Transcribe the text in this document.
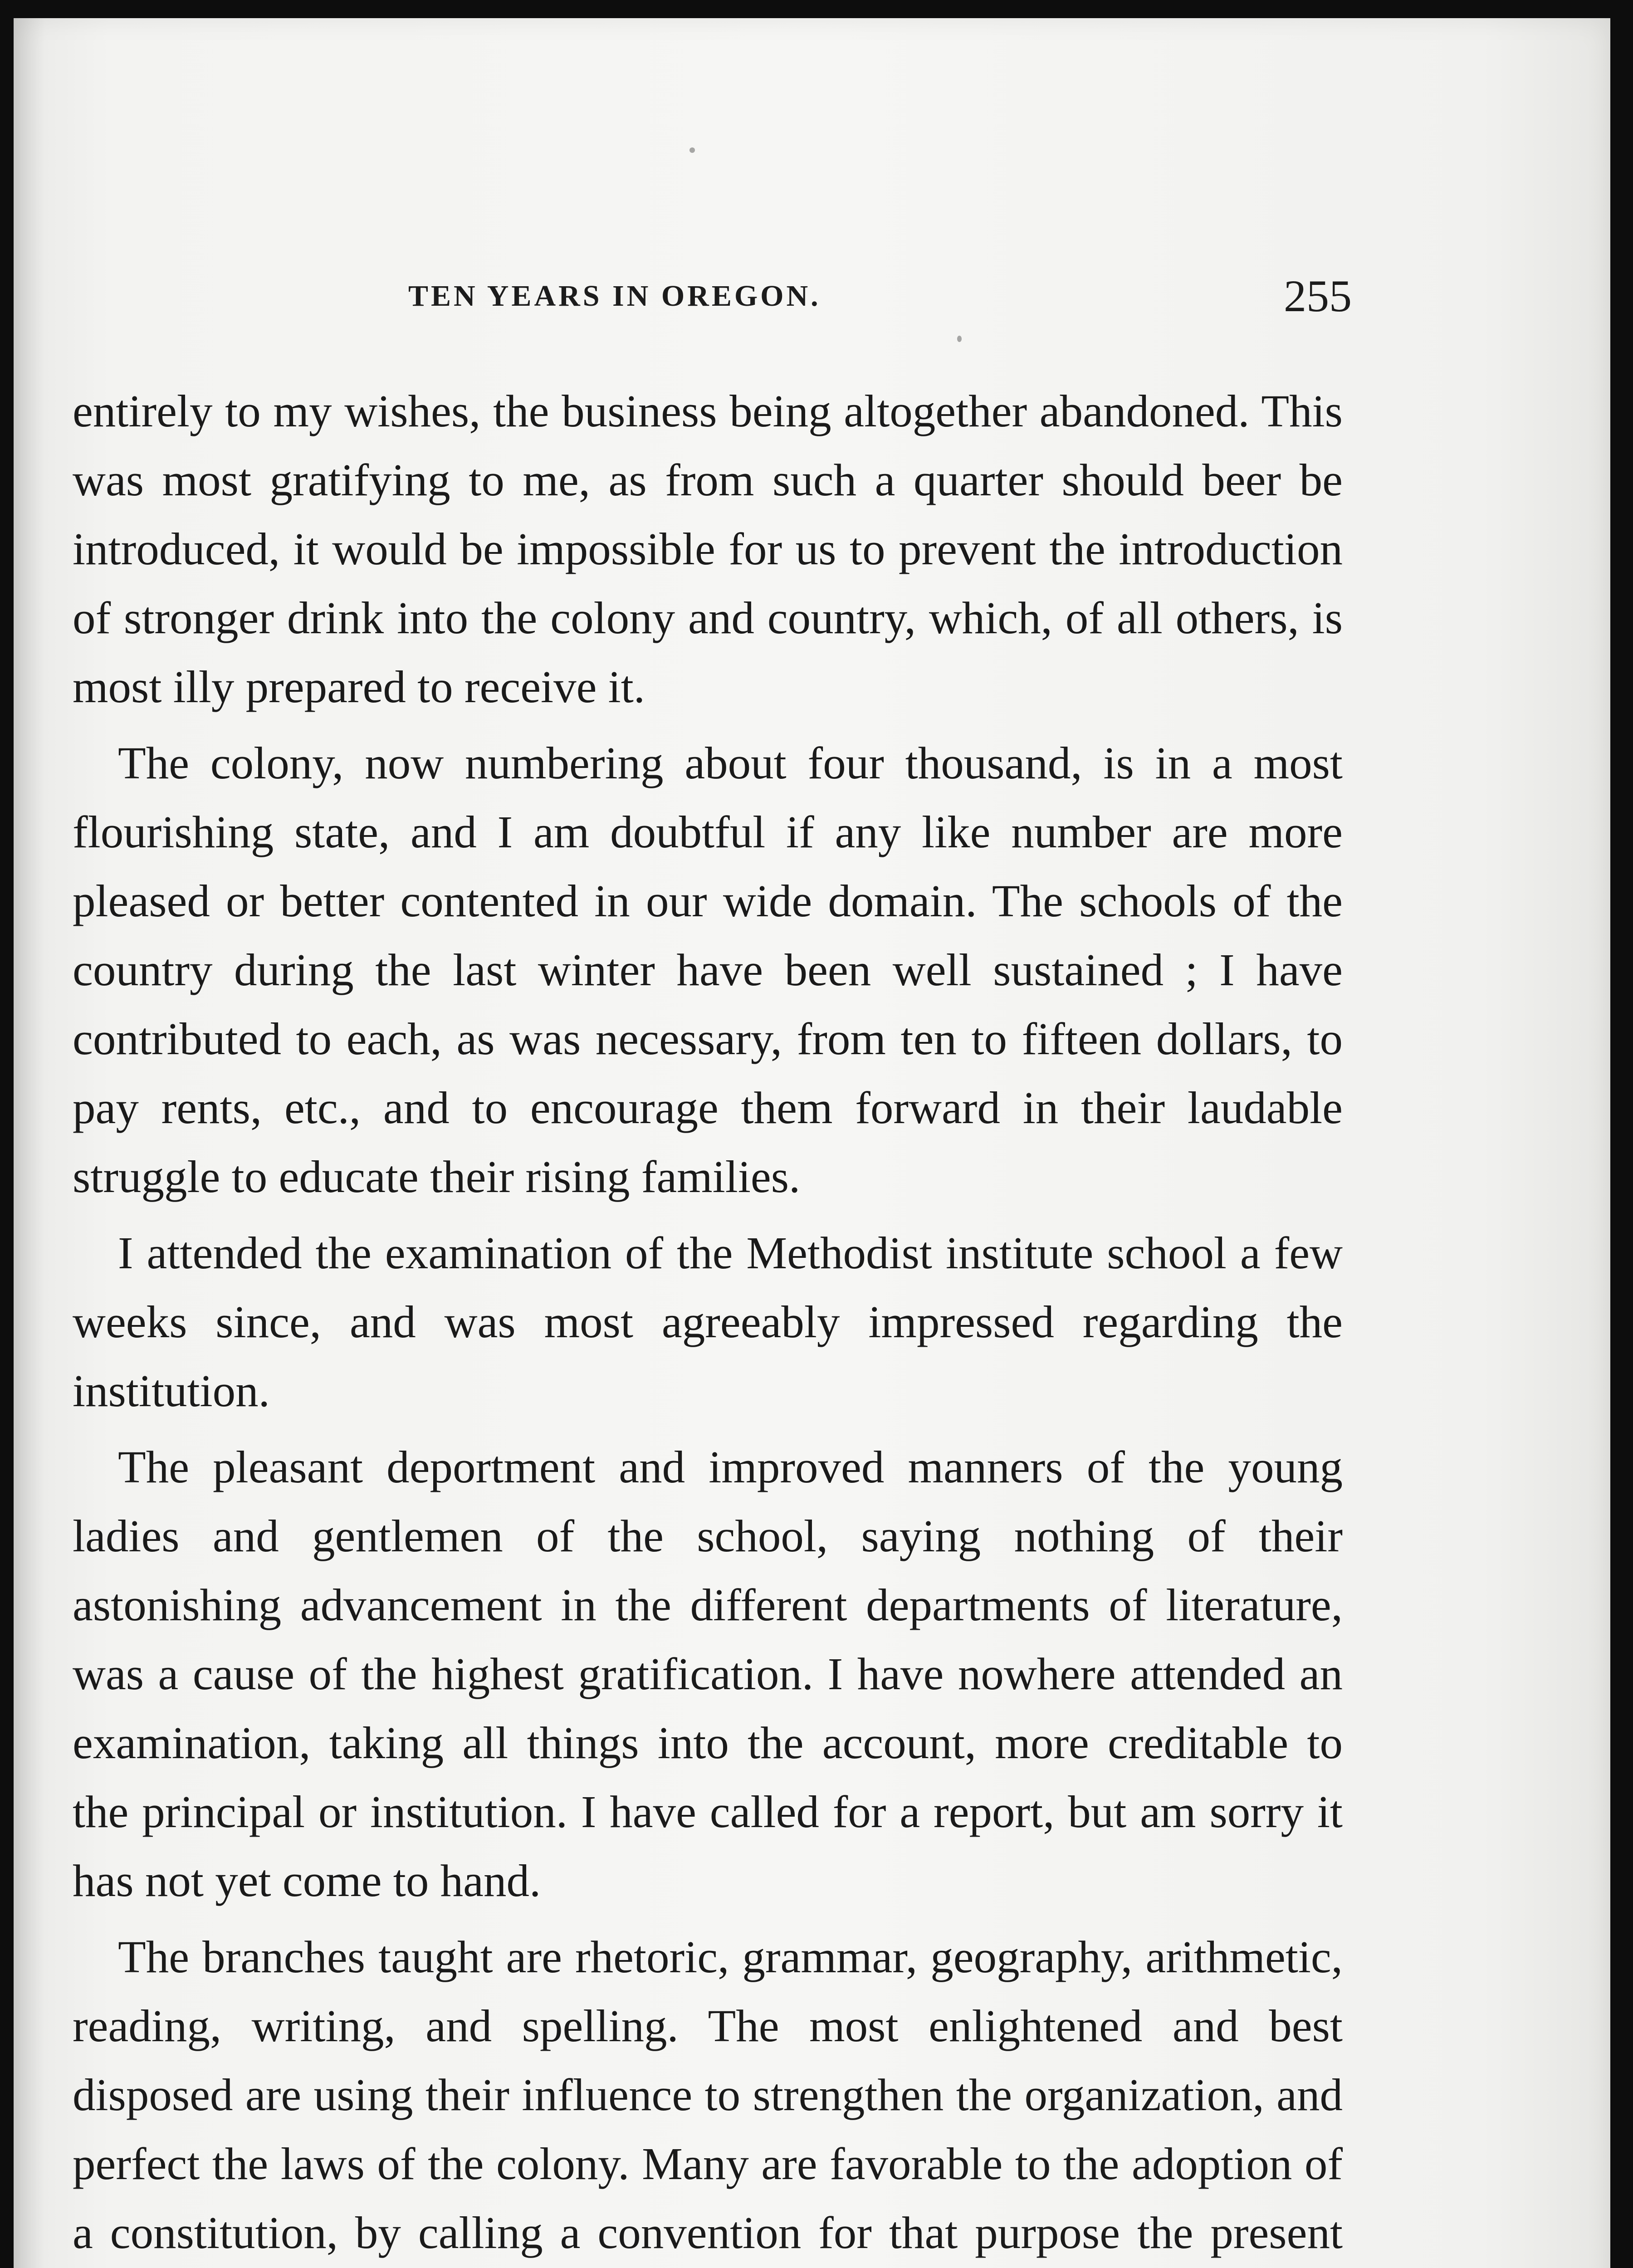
TEN YEARS IN OREGON.	255

entirely to my wishes, the business being altogether abandoned. This was most gratifying to me, as from such a quarter should beer be introduced, it would be impossible for us to prevent the introduction of stronger drink into the colony and country, which, of all others, is most illy prepared to receive it.

The colony, now numbering about four thousand, is in a most flourishing state, and I am doubtful if any like number are more pleased or better contented in our wide domain. The schools of the country during the last winter have been well sustained ; I have contributed to each, as was necessary, from ten to fifteen dollars, to pay rents, etc., and to encourage them forward in their laudable struggle to educate their rising families.

I attended the examination of the Methodist institute school a few weeks since, and was most agreeably impressed regarding the institution.

The pleasant deportment and improved manners of the young ladies and gentlemen of the school, saying nothing of their astonishing advancement in the different departments of literature, was a cause of the highest gratification. I have nowhere attended an examination, taking all things into the account, more creditable to the principal or institution. I have called for a report, but am sorry it has not yet come to hand.

The branches taught are rhetoric, grammar, geography, arithmetic, reading, writing, and spelling. The most enlightened and best disposed are using their influence to strengthen the organization, and perfect the laws of the colony. Many are favorable to the adoption of a constitution, by calling a convention for that purpose the present
